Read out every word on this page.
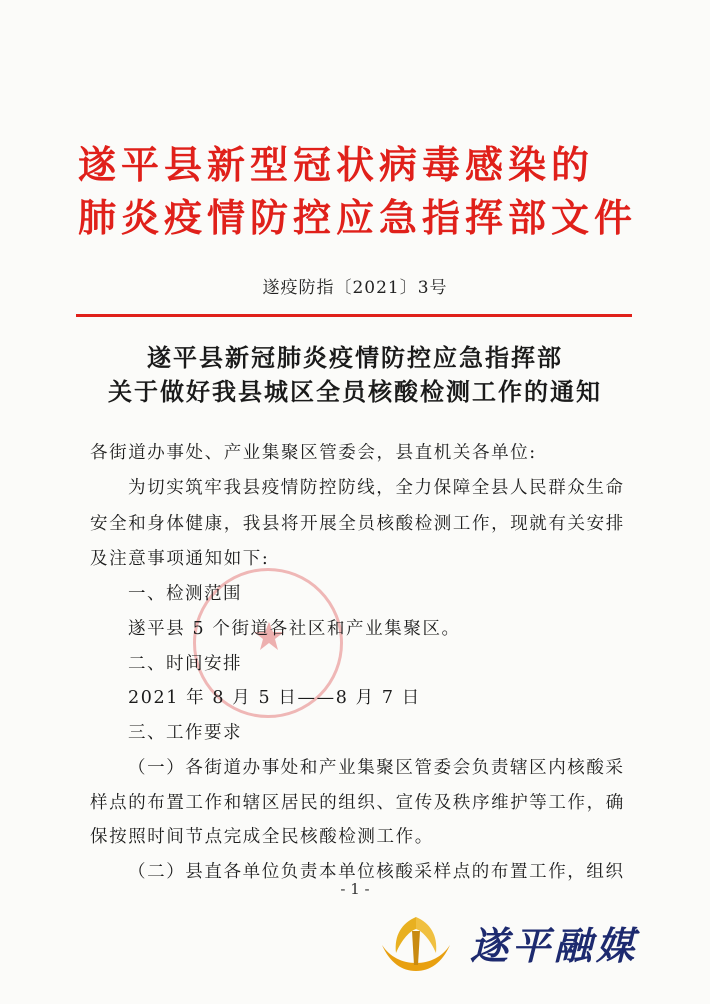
遂平县新型冠状病毒感染的
肺炎疫情防控应急指挥部文件
遂疫防指〔2021〕3号
遂平县新冠肺炎疫情防控应急指挥部
关于做好我县城区全员核酸检测工作的通知
各街道办事处、产业集聚区管委会，县直机关各单位:
为切实筑牢我县疫情防控防线，全力保障全县人民群众生命
安全和身体健康，我县将开展全员核酸检测工作，现就有关安排
及注意事项通知如下:
一、检测范围
遂平县 5 个街道各社区和产业集聚区。
二、时间安排
2021 年 8 月 5 日——8 月 7 日
三、工作要求
（一）各街道办事处和产业集聚区管委会负责辖区内核酸采
样点的布置工作和辖区居民的组织、宣传及秩序维护等工作，确
保按照时间节点完成全民核酸检测工作。
（二）县直各单位负责本单位核酸采样点的布置工作，组织
- 1 -
遂平融媒
